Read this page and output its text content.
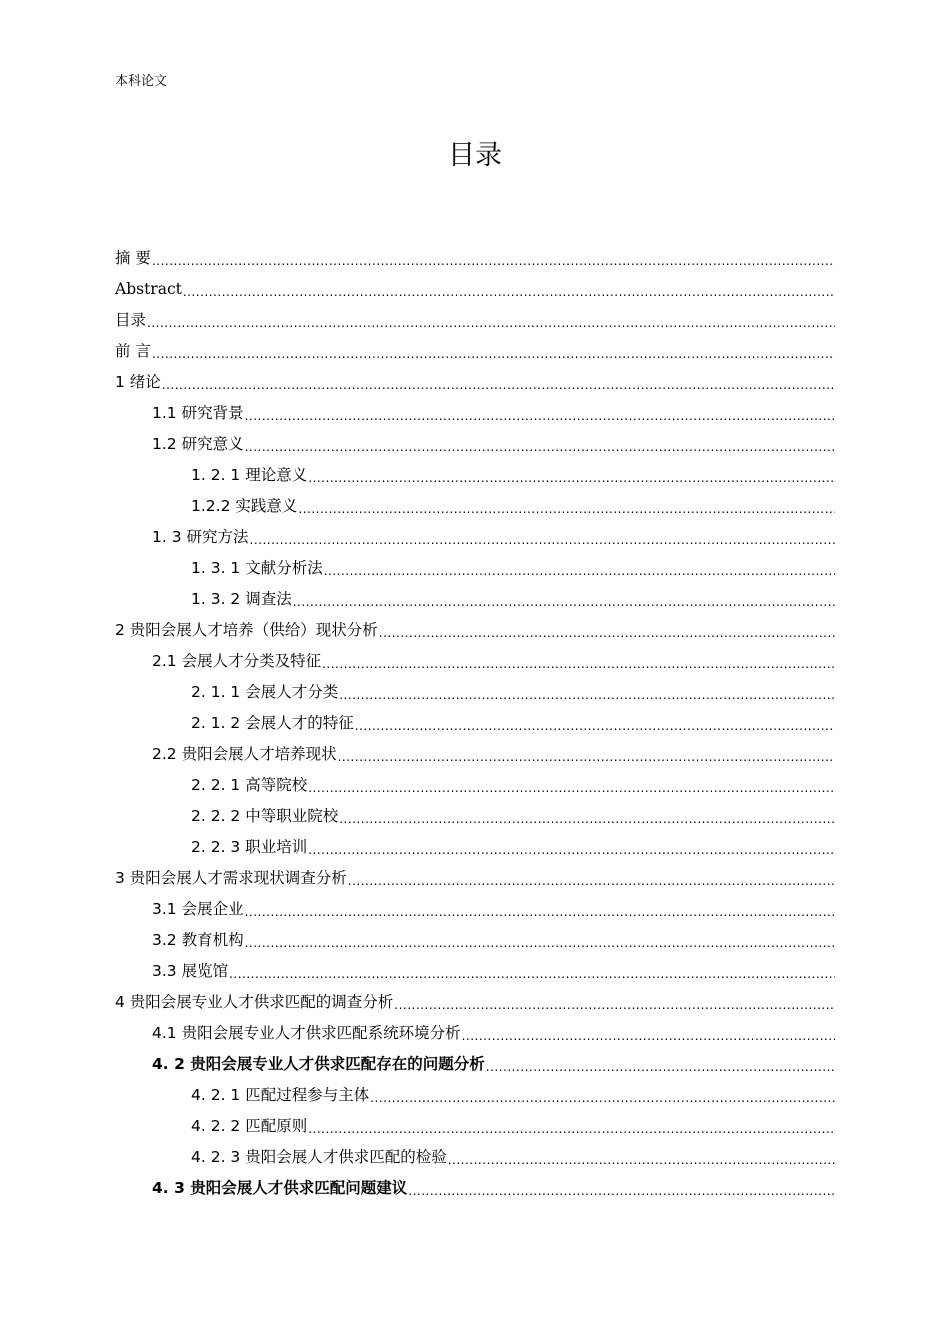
本科论文
目录
摘 要
.....
Abstract
.....
目录
.....
前 言
.....
1 绪论
.....
1.1 研究背景
.....
1.2 研究意义
.....
1. 2. 1 理论意义
.....
1.2.2 实践意义
.....
1. 3 研究方法
.....
1. 3. 1 文献分析法
.....
1. 3. 2 调查法
.....
2 贵阳会展人才培养（供给）现状分析
.....
2.1 会展人才分类及特征
.....
2. 1. 1 会展人才分类
.....
2. 1. 2 会展人才的特征
.....
2.2 贵阳会展人才培养现状
.....
2. 2. 1 高等院校
.....
2. 2. 2 中等职业院校
.....
2. 2. 3 职业培训
.....
3 贵阳会展人才需求现状调查分析
.....
3.1 会展企业
.....
3.2 教育机构
.....
3.3 展览馆
.....
4 贵阳会展专业人才供求匹配的调查分析
.....
4.1 贵阳会展专业人才供求匹配系统环境分析
.....
4. 2 贵阳会展专业人才供求匹配存在的问题分析
.....
4. 2. 1 匹配过程参与主体
.....
4. 2. 2 匹配原则
.....
4. 2. 3 贵阳会展人才供求匹配的检验
.....
4. 3 贵阳会展人才供求匹配问题建议
.....
